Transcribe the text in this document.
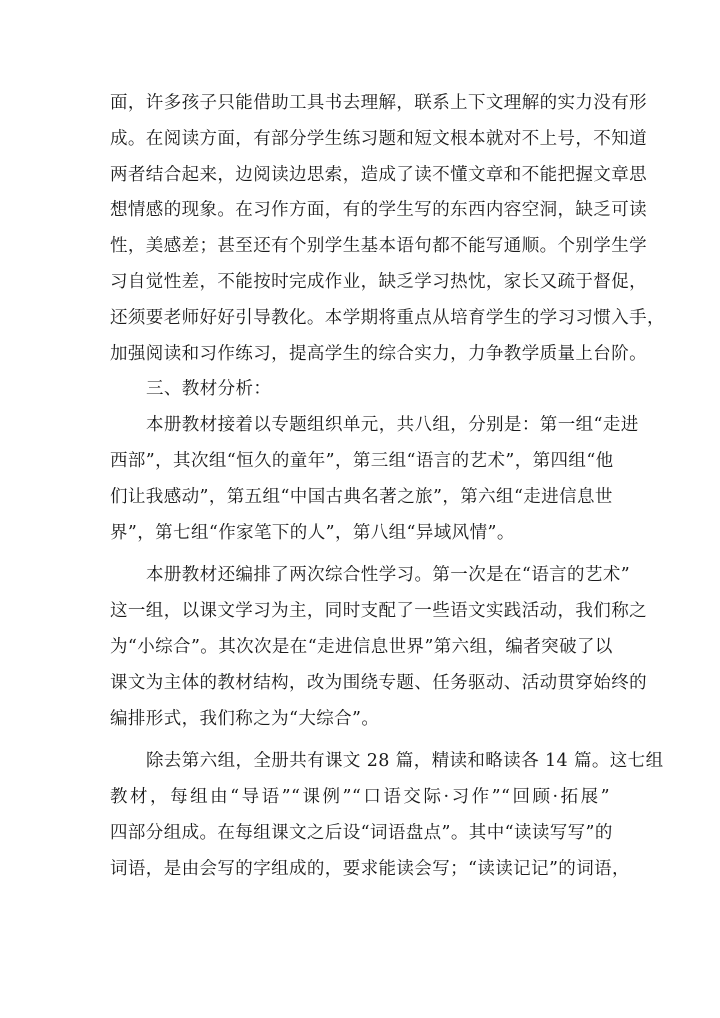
面，许多孩子只能借助工具书去理解，联系上下文理解的实力没有形
成。在阅读方面，有部分学生练习题和短文根本就对不上号，不知道
两者结合起来，边阅读边思索，造成了读不懂文章和不能把握文章思
想情感的现象。在习作方面，有的学生写的东西内容空洞，缺乏可读
性，美感差；甚至还有个别学生基本语句都不能写通顺。个别学生学
习自觉性差，不能按时完成作业，缺乏学习热忱，家长又疏于督促，
还须要老师好好引导教化。本学期将重点从培育学生的学习习惯入手，
加强阅读和习作练习，提高学生的综合实力，力争教学质量上台阶。

三、教材分析：

本册教材接着以专题组织单元，共八组，分别是：第一组“走进
西部”，其次组“恒久的童年”，第三组“语言的艺术”，第四组“他
们让我感动”，第五组“中国古典名著之旅”，第六组“走进信息世
界”，第七组“作家笔下的人”，第八组“异域风情”。

本册教材还编排了两次综合性学习。第一次是在“语言的艺术”
这一组，以课文学习为主，同时支配了一些语文实践活动，我们称之
为“小综合”。其次次是在“走进信息世界”第六组，编者突破了以
课文为主体的教材结构，改为围绕专题、任务驱动、活动贯穿始终的
编排形式，我们称之为“大综合”。

除去第六组，全册共有课文 28 篇，精读和略读各 14 篇。这七组
教材，每组由“导语”“课例”“口语交际·习作”“回顾·拓展”
四部分组成。在每组课文之后设“词语盘点”。其中“读读写写”的
词语，是由会写的字组成的，要求能读会写；“读读记记”的词语，
